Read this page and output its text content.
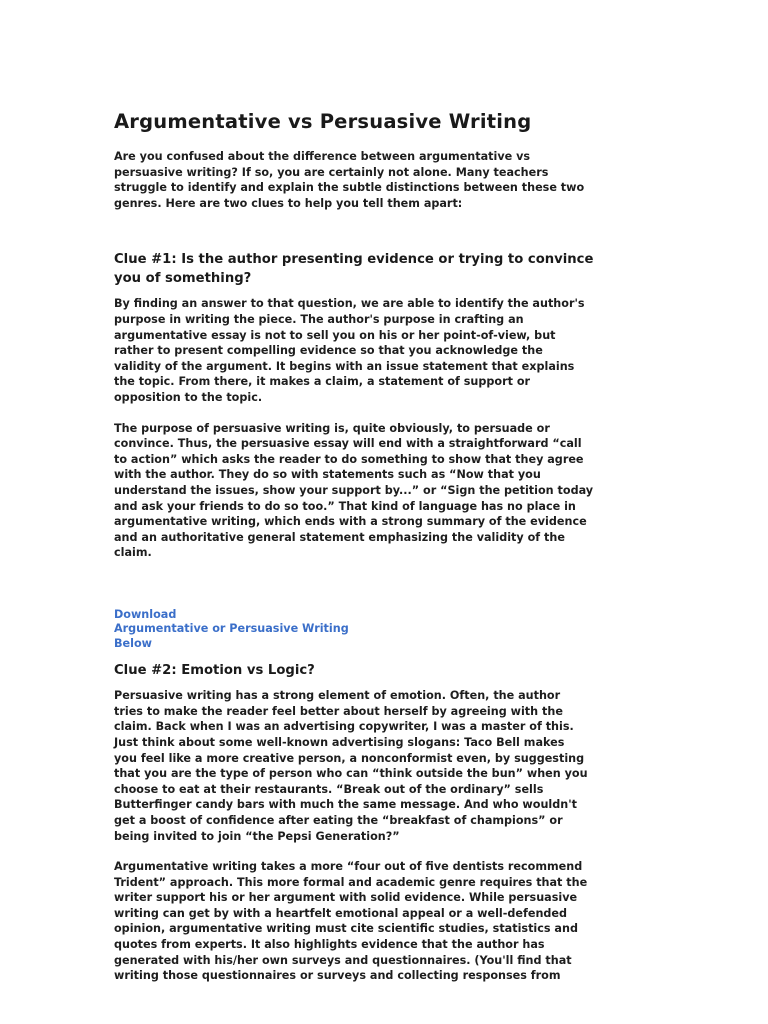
Argumentative vs Persuasive Writing

Are you confused about the difference between argumentative vs
persuasive writing? If so, you are certainly not alone. Many teachers
struggle to identify and explain the subtle distinctions between these two
genres. Here are two clues to help you tell them apart:

Clue #1: Is the author presenting evidence or trying to convince
you of something?

By finding an answer to that question, we are able to identify the author's
purpose in writing the piece. The author's purpose in crafting an
argumentative essay is not to sell you on his or her point-of-view, but
rather to present compelling evidence so that you acknowledge the
validity of the argument. It begins with an issue statement that explains
the topic. From there, it makes a claim, a statement of support or
opposition to the topic.

The purpose of persuasive writing is, quite obviously, to persuade or
convince. Thus, the persuasive essay will end with a straightforward “call
to action” which asks the reader to do something to show that they agree
with the author. They do so with statements such as “Now that you
understand the issues, show your support by...” or “Sign the petition today
and ask your friends to do so too.” That kind of language has no place in
argumentative writing, which ends with a strong summary of the evidence
and an authoritative general statement emphasizing the validity of the
claim.

Download
Argumentative or Persuasive Writing
Below
Clue #2: Emotion vs Logic?

Persuasive writing has a strong element of emotion. Often, the author
tries to make the reader feel better about herself by agreeing with the
claim. Back when I was an advertising copywriter, I was a master of this.
Just think about some well-known advertising slogans: Taco Bell makes
you feel like a more creative person, a nonconformist even, by suggesting
that you are the type of person who can “think outside the bun” when you
choose to eat at their restaurants. “Break out of the ordinary” sells
Butterfinger candy bars with much the same message. And who wouldn't
get a boost of confidence after eating the “breakfast of champions” or
being invited to join “the Pepsi Generation?”

Argumentative writing takes a more “four out of five dentists recommend
Trident” approach. This more formal and academic genre requires that the
writer support his or her argument with solid evidence. While persuasive
writing can get by with a heartfelt emotional appeal or a well-defended
opinion, argumentative writing must cite scientific studies, statistics and
quotes from experts. It also highlights evidence that the author has
generated with his/her own surveys and questionnaires. (You'll find that
writing those questionnaires or surveys and collecting responses from
